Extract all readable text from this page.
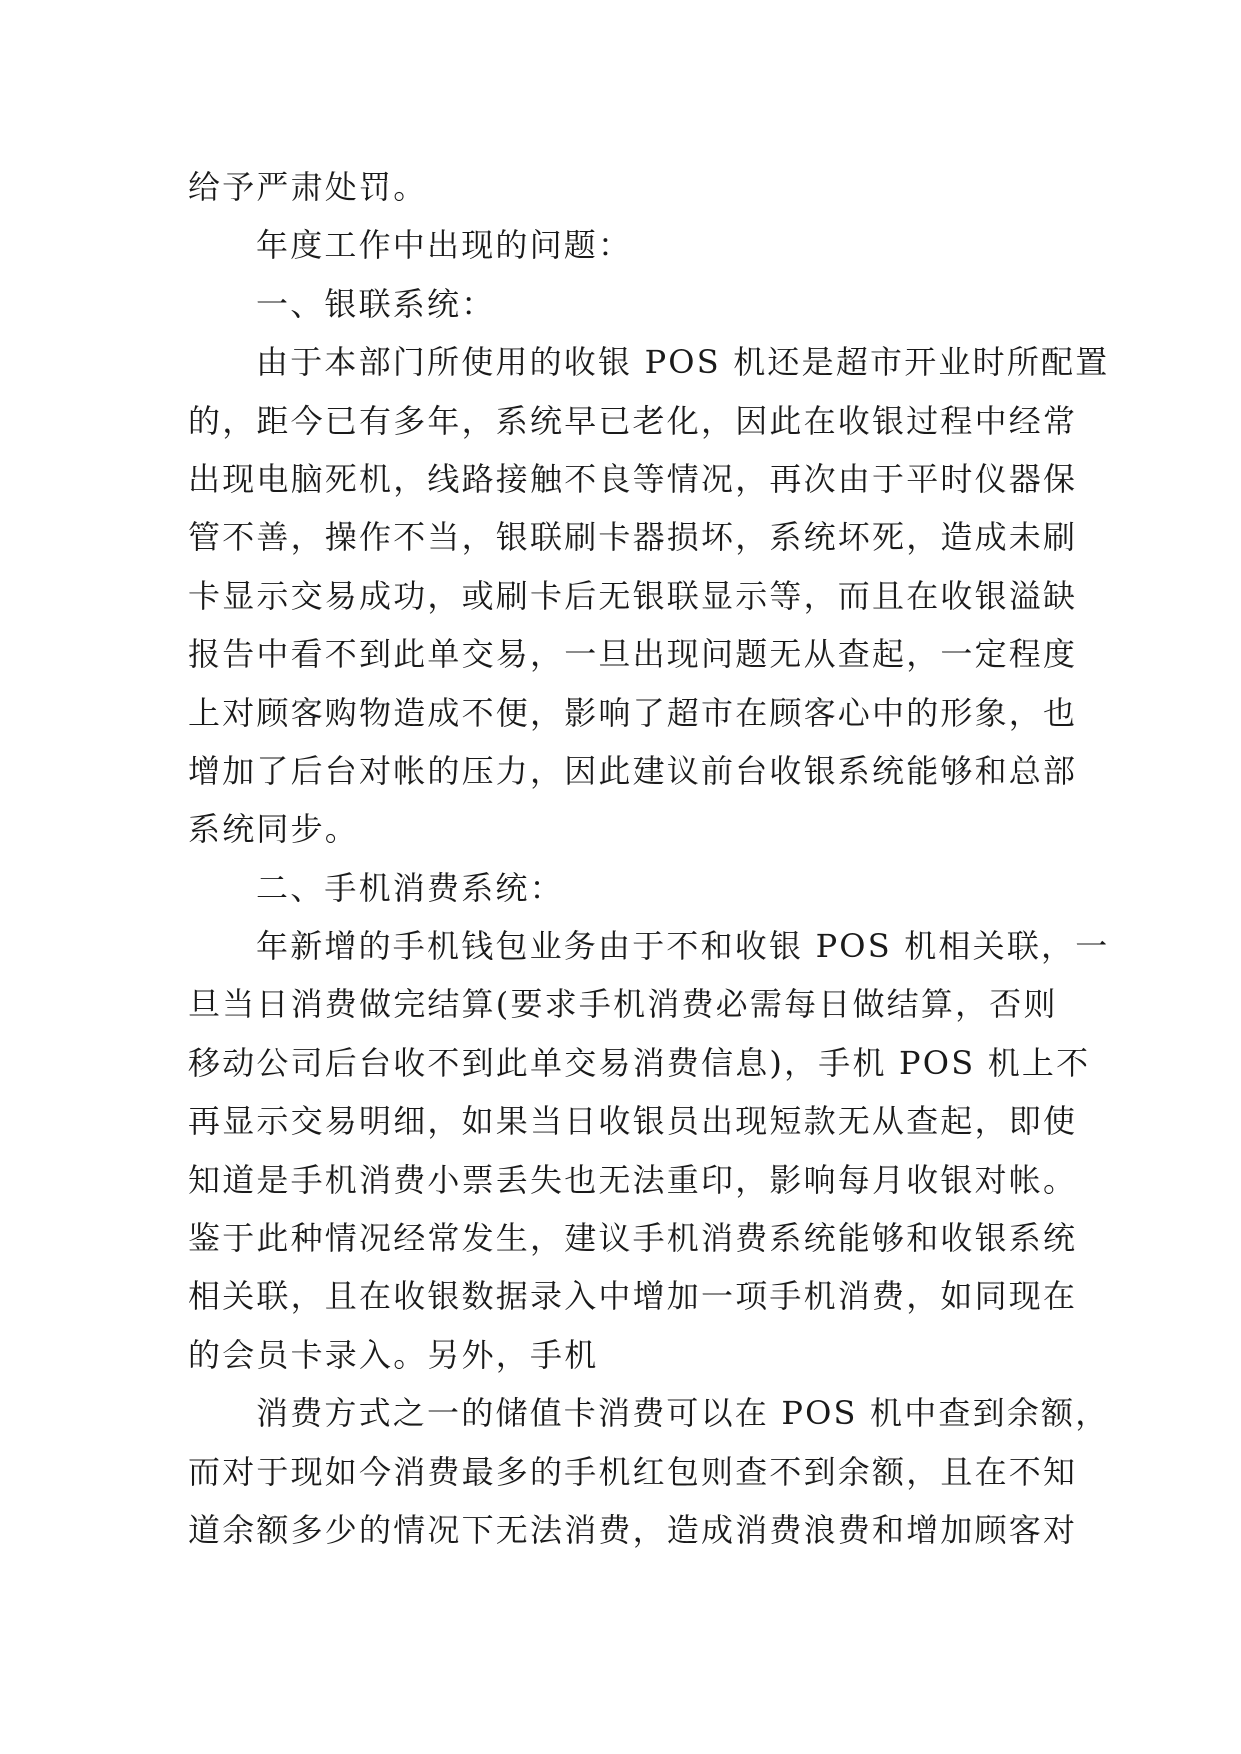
给予严肃处罚。
年度工作中出现的问题：
一、银联系统：
由于本部门所使用的收银 POS 机还是超市开业时所配置
的，距今已有多年，系统早已老化，因此在收银过程中经常
出现电脑死机，线路接触不良等情况，再次由于平时仪器保
管不善，操作不当，银联刷卡器损坏，系统坏死，造成未刷
卡显示交易成功，或刷卡后无银联显示等，而且在收银溢缺
报告中看不到此单交易，一旦出现问题无从查起，一定程度
上对顾客购物造成不便，影响了超市在顾客心中的形象，也
增加了后台对帐的压力，因此建议前台收银系统能够和总部
系统同步。
二、手机消费系统：
年新增的手机钱包业务由于不和收银 POS 机相关联，一
旦当日消费做完结算(要求手机消费必需每日做结算，否则
移动公司后台收不到此单交易消费信息)，手机 POS 机上不
再显示交易明细，如果当日收银员出现短款无从查起，即使
知道是手机消费小票丢失也无法重印，影响每月收银对帐。
鉴于此种情况经常发生，建议手机消费系统能够和收银系统
相关联，且在收银数据录入中增加一项手机消费，如同现在
的会员卡录入。另外，手机
消费方式之一的储值卡消费可以在 POS 机中查到余额，
而对于现如今消费最多的手机红包则查不到余额，且在不知
道余额多少的情况下无法消费，造成消费浪费和增加顾客对
